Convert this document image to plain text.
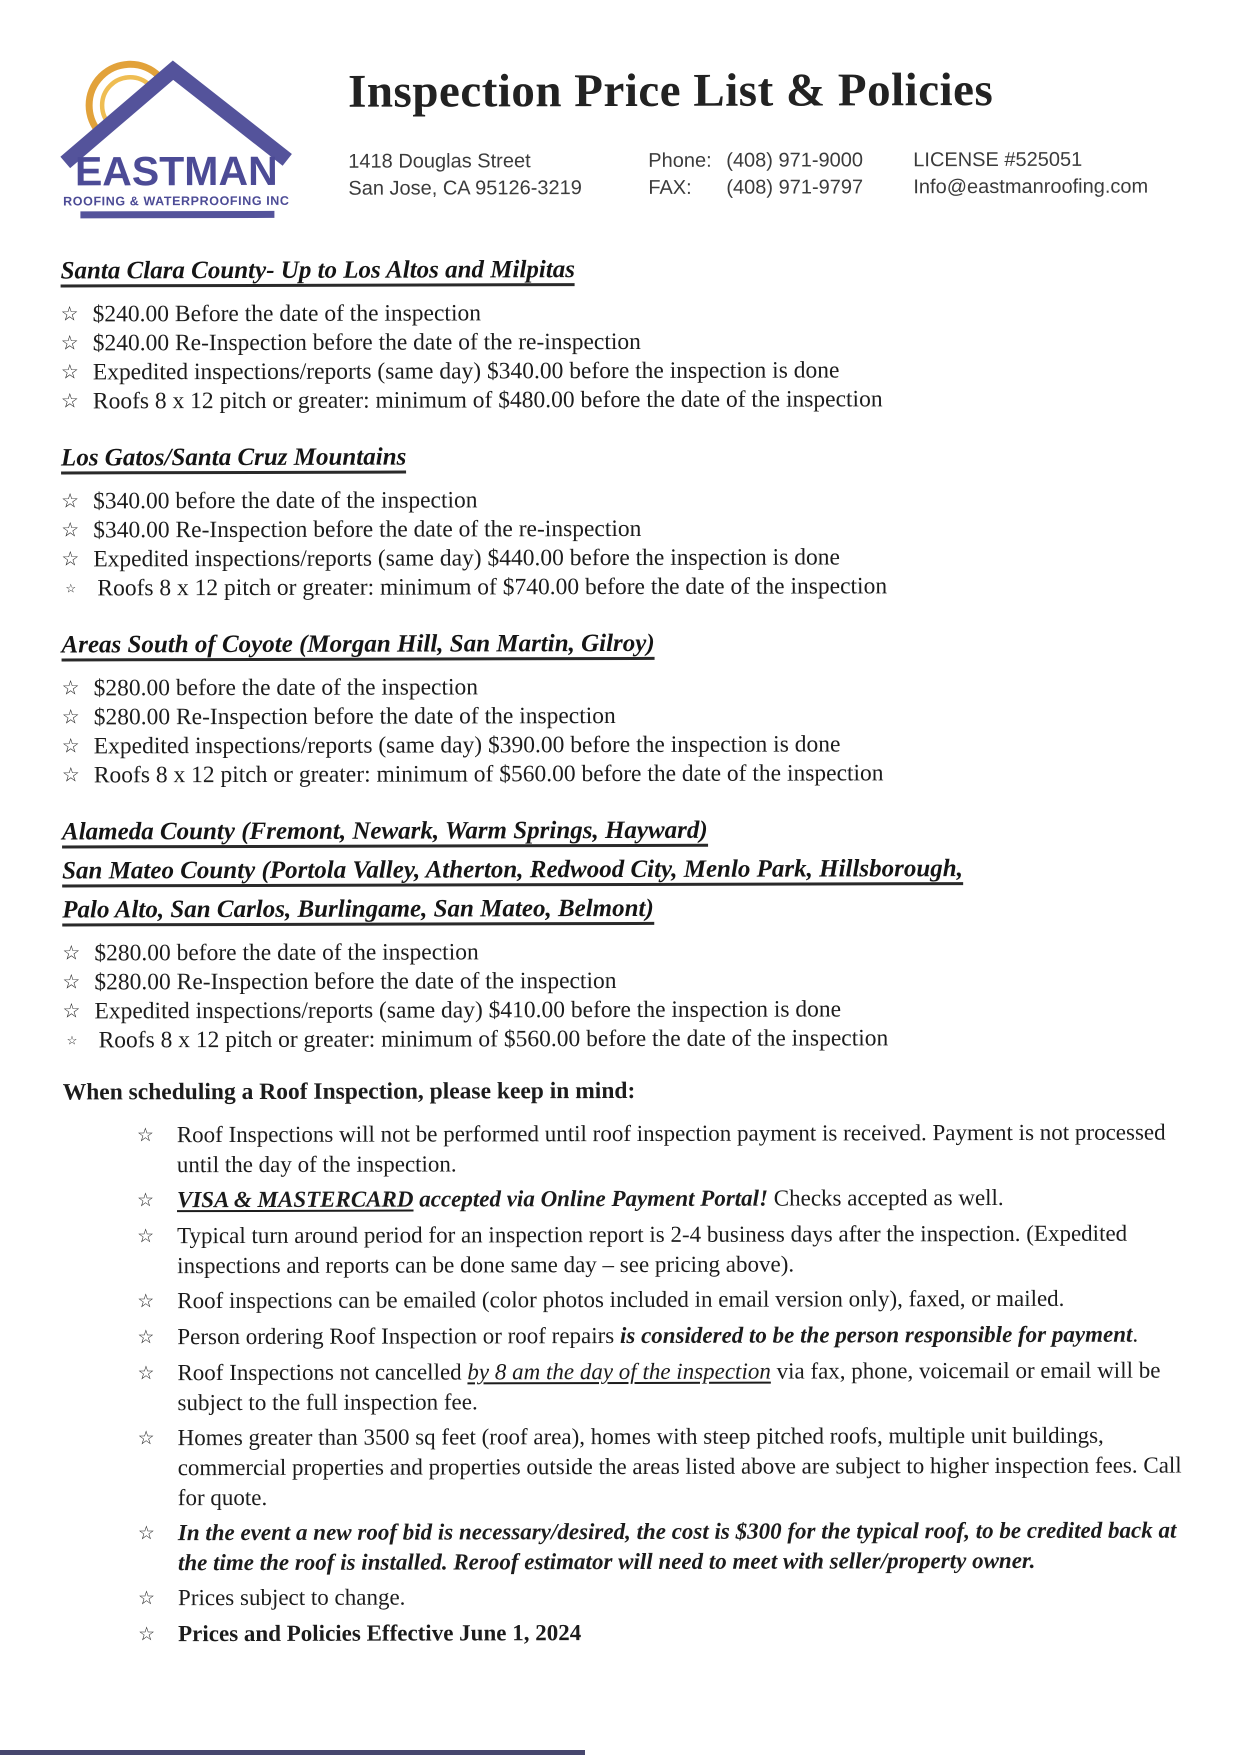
EASTMAN
ROOFING & WATERPROOFING INC
Inspection Price List & Policies
1418 Douglas Street
San Jose, CA 95126-3219
Phone: (408) 971-9000
FAX:	(408) 971-9797
LICENSE #525051
Info@eastmanroofing.com
Santa Clara County- Up to Los Altos and Milpitas
☆ $240.00 Before the date of the inspection
☆ $240.00 Re-Inspection before the date of the re-inspection
☆ Expedited inspections/reports (same day) $340.00 before the inspection is done
☆ Roofs 8 x 12 pitch or greater: minimum of $480.00 before the date of the inspection
Los Gatos/Santa Cruz Mountains
☆ $340.00 before the date of the inspection
☆ $340.00 Re-Inspection before the date of the re-inspection
☆ Expedited inspections/reports (same day) $440.00 before the inspection is done
☆ Roofs 8 x 12 pitch or greater: minimum of $740.00 before the date of the inspection
Areas South of Coyote (Morgan Hill, San Martin, Gilroy)
☆ $280.00 before the date of the inspection
☆ $280.00 Re-Inspection before the date of the inspection
☆ Expedited inspections/reports (same day) $390.00 before the inspection is done
☆ Roofs 8 x 12 pitch or greater: minimum of $560.00 before the date of the inspection
Alameda County (Fremont, Newark, Warm Springs, Hayward)
San Mateo County (Portola Valley, Atherton, Redwood City, Menlo Park, Hillsborough,
Palo Alto, San Carlos, Burlingame, San Mateo, Belmont)
☆ $280.00 before the date of the inspection
☆ $280.00 Re-Inspection before the date of the inspection
☆ Expedited inspections/reports (same day) $410.00 before the inspection is done
☆ Roofs 8 x 12 pitch or greater: minimum of $560.00 before the date of the inspection
When scheduling a Roof Inspection, please keep in mind:
☆ Roof Inspections will not be performed until roof inspection payment is received. Payment is not processed until the day of the inspection.
☆ VISA & MASTERCARD accepted via Online Payment Portal! Checks accepted as well.
☆ Typical turn around period for an inspection report is 2-4 business days after the inspection. (Expedited inspections and reports can be done same day – see pricing above).
☆ Roof inspections can be emailed (color photos included in email version only), faxed, or mailed.
☆ Person ordering Roof Inspection or roof repairs is considered to be the person responsible for payment.
☆ Roof Inspections not cancelled by 8 am the day of the inspection via fax, phone, voicemail or email will be subject to the full inspection fee.
☆ Homes greater than 3500 sq feet (roof area), homes with steep pitched roofs, multiple unit buildings, commercial properties and properties outside the areas listed above are subject to higher inspection fees. Call for quote.
☆ In the event a new roof bid is necessary/desired, the cost is $300 for the typical roof, to be credited back at the time the roof is installed. Reroof estimator will need to meet with seller/property owner.
☆ Prices subject to change.
☆ Prices and Policies Effective June 1, 2024
